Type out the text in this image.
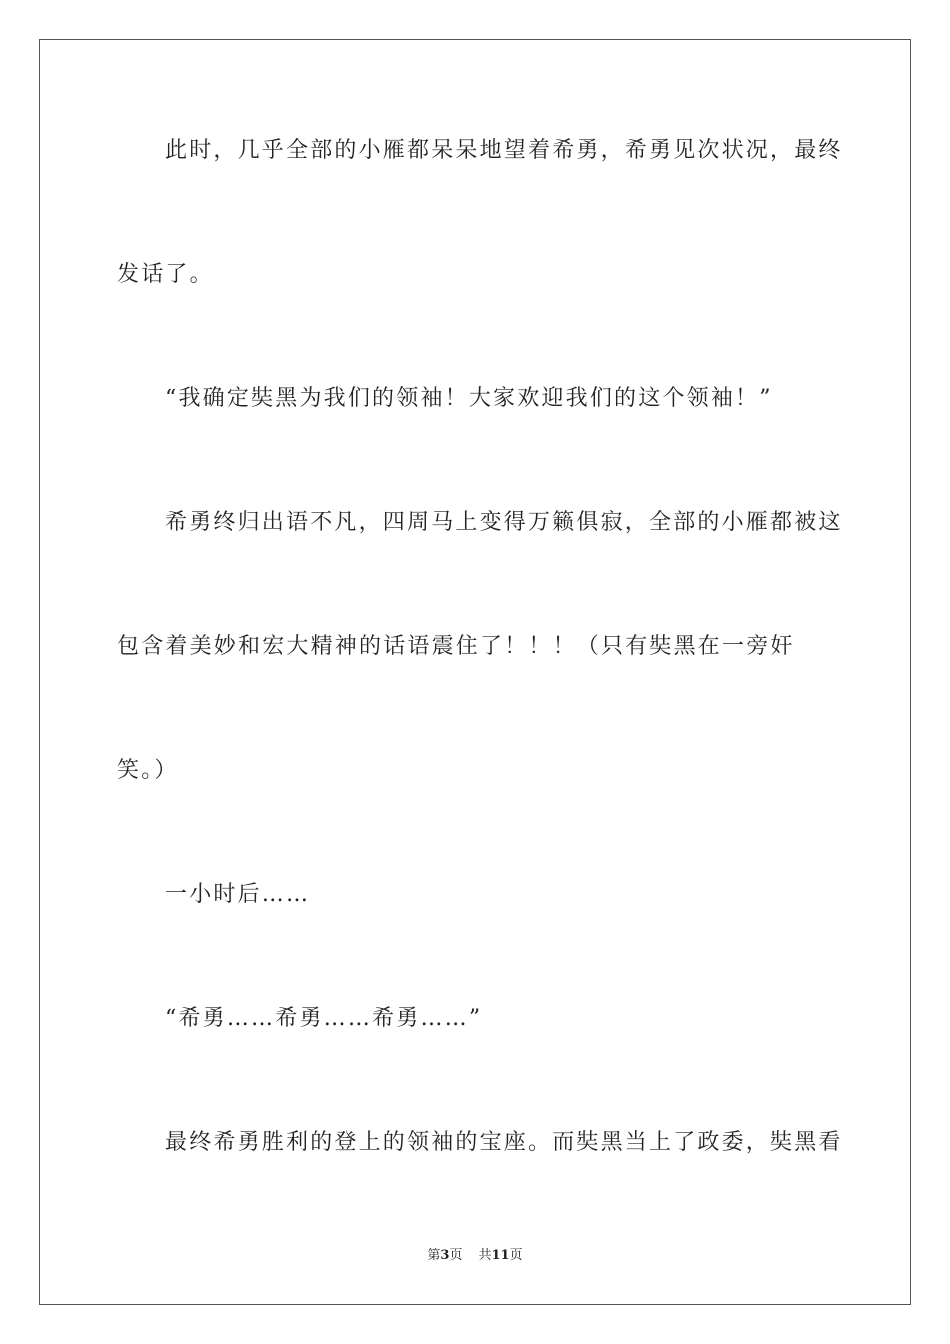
此时，几乎全部的小雁都呆呆地望着希勇，希勇见次状况，最终
发话了。
“我确定奘黑为我们的领袖！大家欢迎我们的这个领袖！”
希勇终归出语不凡，四周马上变得万籁俱寂，全部的小雁都被这
包含着美妙和宏大精神的话语震住了！！！（只有奘黑在一旁奸
笑。）
一小时后……
“希勇……希勇……希勇……”
最终希勇胜利的登上的领袖的宝座。而奘黑当上了政委，奘黑看
第3页 共11页
